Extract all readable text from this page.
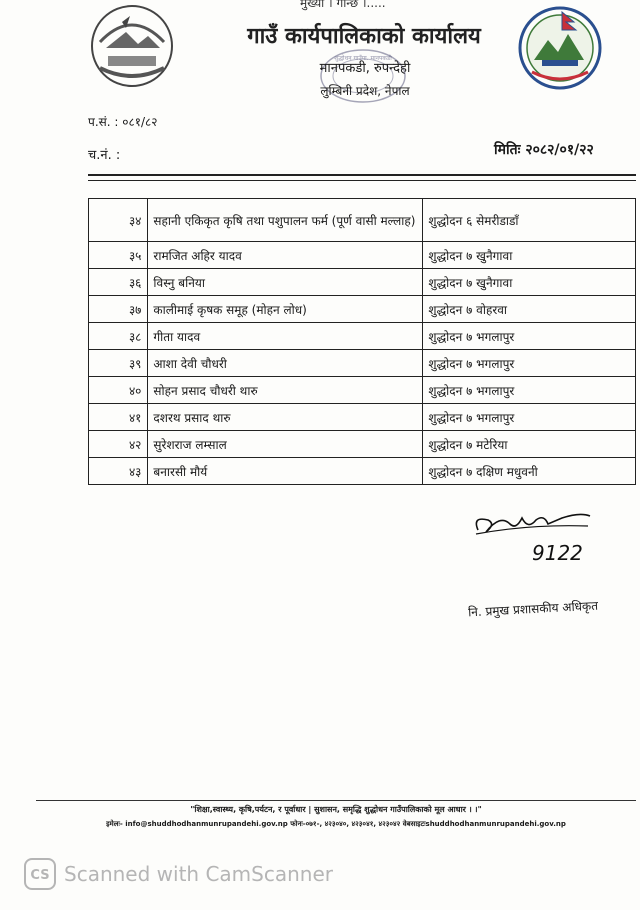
मुख्या । गान्छ ।.....
गाउँ कार्यपालिकाको कार्यालय
शुद्धोधन गाउँपा. मानपकडी
मानपकडी, रुपन्देही
लुम्बिनी प्रदेश, नेपाल
प.सं. : ०८१/८२
च.नं. :	मितिः २०८२/०१/२२
३४	सहानी एकिकृत कृषि तथा पशुपालन फर्म (पूर्ण वासी मल्लाह)	शुद्धोदन ६ सेमरीडाडाँ
३५	रामजित अहिर यादव	शुद्धोदन ७ खुनैगावा
३६	विस्नु बनिया	शुद्धोदन ७ खुनैगावा
३७	कालीमाई कृषक समूह (मोहन लोध)	शुद्धोदन ७ वोहरवा
३८	गीता यादव	शुद्धोदन ७ भगलापुर
३९	आशा देवी चौधरी	शुद्धोदन ७ भगलापुर
४०	सोहन प्रसाद चौधरी थारु	शुद्धोदन ७ भगलापुर
४१	दशरथ प्रसाद थारु	शुद्धोदन ७ भगलापुर
४२	सुरेशराज लम्साल	शुद्धोदन ७ मटेरिया
४३	बनारसी मौर्य	शुद्धोदन ७ दक्षिण मधुवनी
9122
नि. प्रमुख प्रशासकीय अधिकृत
"शिक्षा,स्वास्थ्य, कृषि,पर्यटन, र पूर्वाधार | सुशासन, समृद्धि शुद्धोधन गाउँपालिकाको मूल आधार । ।"
इमेलः- info@shuddhodhanmunrupandehi.gov.np फोनः-०७१-, ४२३०४०, ४२३०४१, ४२३०४२ वेबसाइटःshuddhodhanmunrupandehi.gov.np
CS Scanned with CamScanner
